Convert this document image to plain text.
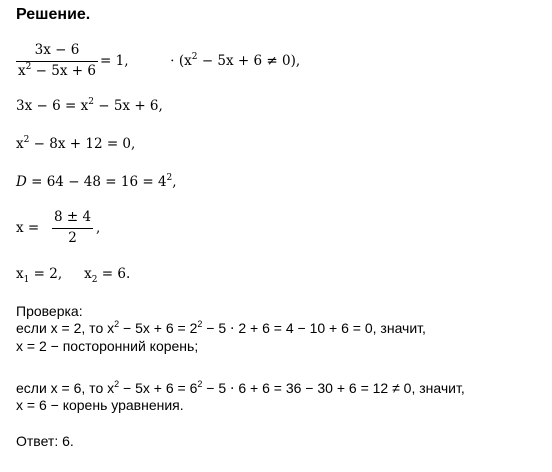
Решение.
3x − 6
$x^2 - 5x + 6$
= 1,	⋅ $(x^2 - 5x + 6 \ne 0)$,
$3x - 6 = x^2 - 5x + 6$,
$x^2 - 8x + 12 = 0$,
$D = 64 - 48 = 16 = 4^2$,
x =
8 ± 4
2
,
$x_1 = 2$, $x_2 = 6$.
Проверка:
если x = 2, то $x^2 - 5x + 6 = 2^2 - 5 \cdot 2 + 6 = 4 - 10 + 6 = 0$, значит,
x = 2 − посторонний корень;
если x = 6, то $x^2 - 5x + 6 = 6^2 - 5 \cdot 6 + 6 = 36 - 30 + 6 = 12 \ne 0$, значит,
x = 6 − корень уравнения.
Ответ: 6.
